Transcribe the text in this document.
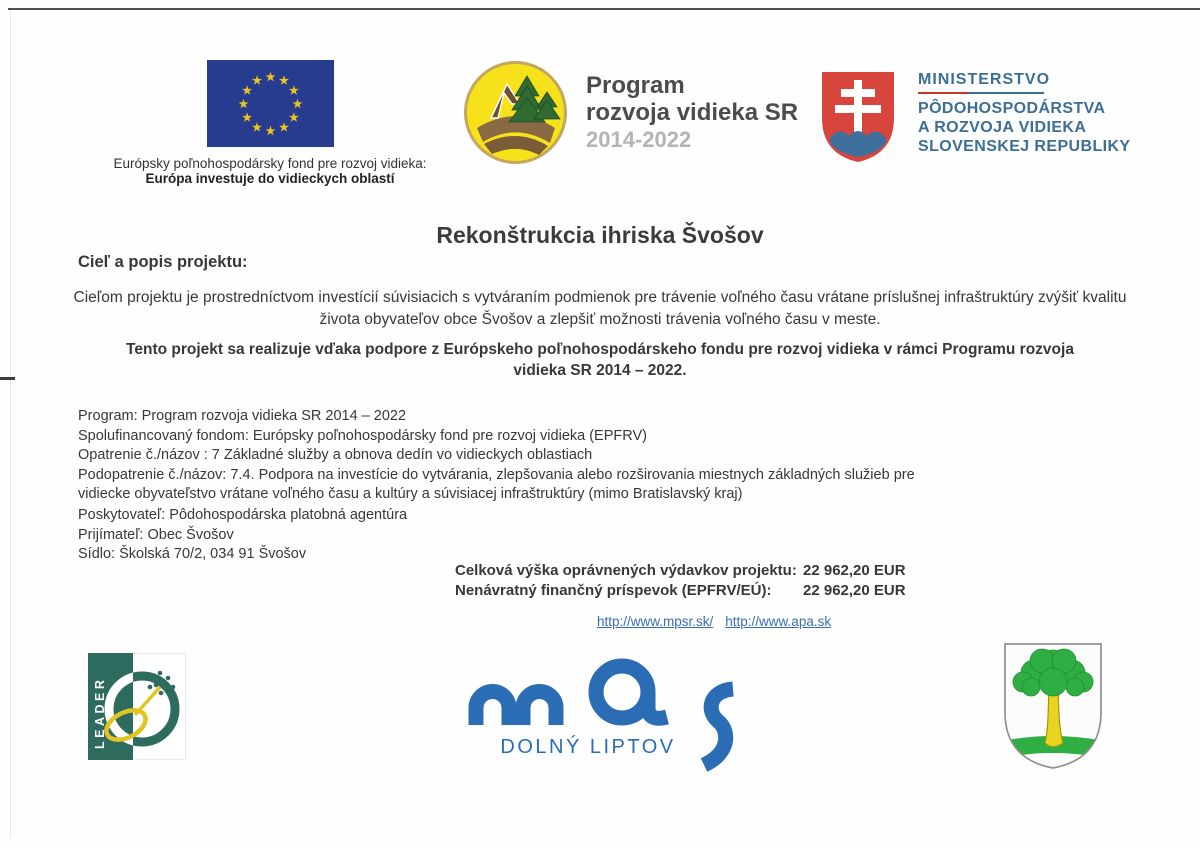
Európsky poľnohospodársky fond pre rozvoj vidieka:
Európa investuje do vidieckych oblastí
Program
rozvoja vidieka SR
2014-2022
MINISTERSTVO
PÔDOHOSPODÁRSTVA
A ROZVOJA VIDIEKA
SLOVENSKEJ REPUBLIKY
Rekonštrukcia ihriska Švošov
Cieľ a popis projektu:
Cieľom projektu je prostredníctvom investícií súvisiacich s vytváraním podmienok pre trávenie voľného času vrátane príslušnej infraštruktúry zvýšiť kvalitu života obyvateľov obce Švošov a zlepšiť možnosti trávenia voľného času v meste.
Tento projekt sa realizuje vďaka podpore z Európskeho poľnohospodárskeho fondu pre rozvoj vidieka v rámci Programu rozvoja vidieka SR 2014 – 2022.
Program: Program rozvoja vidieka SR 2014 – 2022
Spolufinancovaný fondom: Európsky poľnohospodársky fond pre rozvoj vidieka (EPFRV)
Opatrenie č./názov : 7 Základné služby a obnova dedín vo vidieckych oblastiach
Podopatrenie č./názov: 7.4. Podpora na investície do vytvárania, zlepšovania alebo rozširovania miestnych základných služieb pre vidiecke obyvateľstvo vrátane voľného času a kultúry a súvisiacej infraštruktúry (mimo Bratislavský kraj)
Poskytovateľ: Pôdohospodárska platobná agentúra
Prijímateľ: Obec Švošov
Sídlo: Školská 70/2, 034 91 Švošov
Celková výška oprávnených výdavkov projektu: 22 962,20 EUR
Nenávratný finančný príspevok (EPFRV/EÚ):	22 962,20 EUR
http://www.mpsr.sk/ http://www.apa.sk
LEADER	DOLNÝ LIPTOV
